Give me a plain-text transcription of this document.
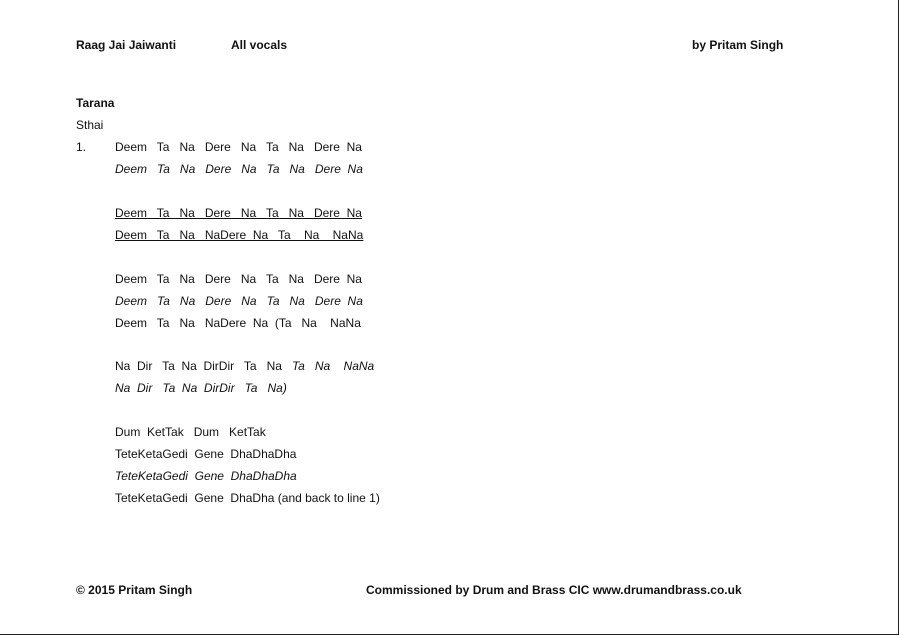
Raag Jai Jaiwanti	All vocals	by Pritam Singh
Tarana
Sthai
1. Deem   Ta   Na   Dere   Na   Ta   Na   Dere  Na
Deem   Ta   Na   Dere   Na   Ta   Na   Dere  Na
Deem   Ta   Na   Dere   Na   Ta   Na   Dere  Na
Deem   Ta   Na   NaDere  Na   Ta    Na    NaNa
Deem   Ta   Na   Dere   Na   Ta   Na   Dere  Na
Deem   Ta   Na   Dere   Na   Ta   Na   Dere  Na
Deem   Ta   Na   NaDere  Na  (Ta   Na    NaNa
Na  Dir   Ta  Na  DirDir   Ta   Na Ta   Na    NaNa
Na  Dir   Ta  Na  DirDir   Ta   Na)
Dum  KetTak   Dum   KetTak
TeteKetaGedi  Gene  DhaDhaDha
TeteKetaGedi  Gene  DhaDhaDha
TeteKetaGedi  Gene  DhaDha (and back to line 1)
© 2015 Pritam Singh	Commissioned by Drum and Brass CIC www.drumandbrass.co.uk
